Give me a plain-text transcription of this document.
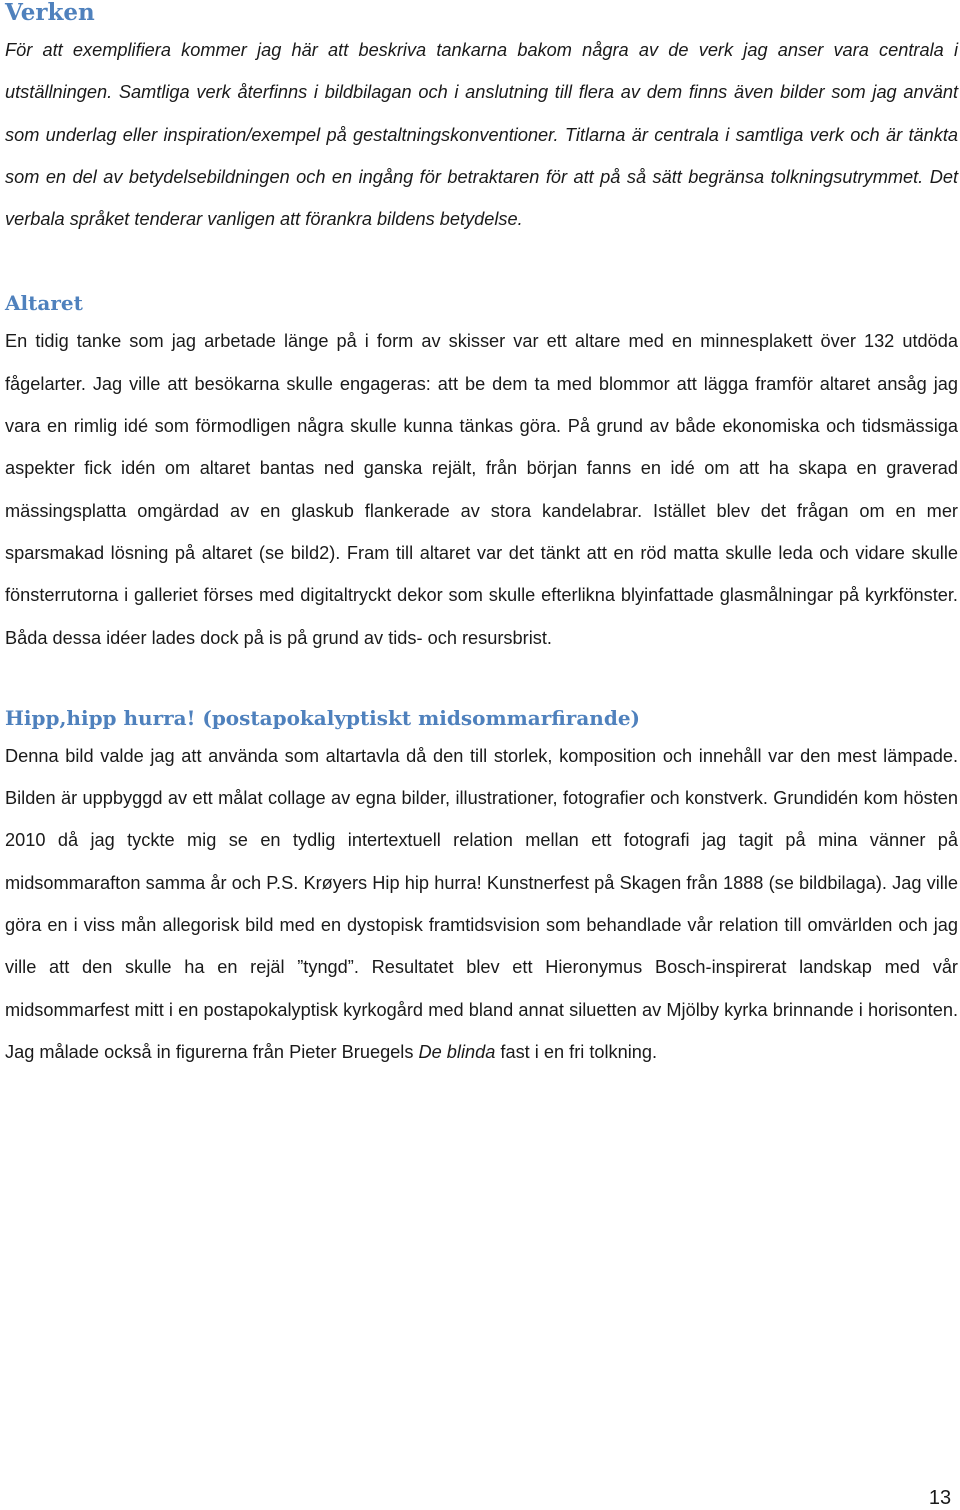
Verken

För att exemplifiera kommer jag här att beskriva tankarna bakom några av de verk jag anser vara centrala i utställningen. Samtliga verk återfinns i bildbilagan och i anslutning till flera av dem finns även bilder som jag använt som underlag eller inspiration/exempel på gestaltningskonventioner. Titlarna är centrala i samtliga verk och är tänkta som en del av betydelsebildningen och en ingång för betraktaren för att på så sätt begränsa tolkningsutrymmet. Det verbala språket tenderar vanligen att förankra bildens betydelse.

Altaret

En tidig tanke som jag arbetade länge på i form av skisser var ett altare med en minnesplakett över 132 utdöda fågelarter. Jag ville att besökarna skulle engageras: att be dem ta med blommor att lägga framför altaret ansåg jag vara en rimlig idé som förmodligen några skulle kunna tänkas göra. På grund av både ekonomiska och tidsmässiga aspekter fick idén om altaret bantas ned ganska rejält, från början fanns en idé om att ha skapa en graverad mässingsplatta omgärdad av en glaskub flankerade av stora kandelabrar. Istället blev det frågan om en mer sparsmakad lösning på altaret (se bild2). Fram till altaret var det tänkt att en röd matta skulle leda och vidare skulle fönsterrutorna i galleriet förses med digitaltryckt dekor som skulle efterlikna blyinfattade glasmålningar på kyrkfönster. Båda dessa idéer lades dock på is på grund av tids- och resursbrist.

Hipp,hipp hurra! (postapokalyptiskt midsommarfirande)

Denna bild valde jag att använda som altartavla då den till storlek, komposition och innehåll var den mest lämpade. Bilden är uppbyggd av ett målat collage av egna bilder, illustrationer, fotografier och konstverk. Grundidén kom hösten 2010 då jag tyckte mig se en tydlig intertextuell relation mellan ett fotografi jag tagit på mina vänner på midsommarafton samma år och P.S. Krøyers Hip hip hurra! Kunstnerfest på Skagen från 1888 (se bildbilaga). Jag ville göra en i viss mån allegorisk bild med en dystopisk framtidsvision som behandlade vår relation till omvärlden och jag ville att den skulle ha en rejäl ”tyngd”. Resultatet blev ett Hieronymus Bosch-inspirerat landskap med vår midsommarfest mitt i en postapokalyptisk kyrkogård med bland annat siluetten av Mjölby kyrka brinnande i horisonten. Jag målade också in figurerna från Pieter Bruegels De blinda fast i en fri tolkning.

13
